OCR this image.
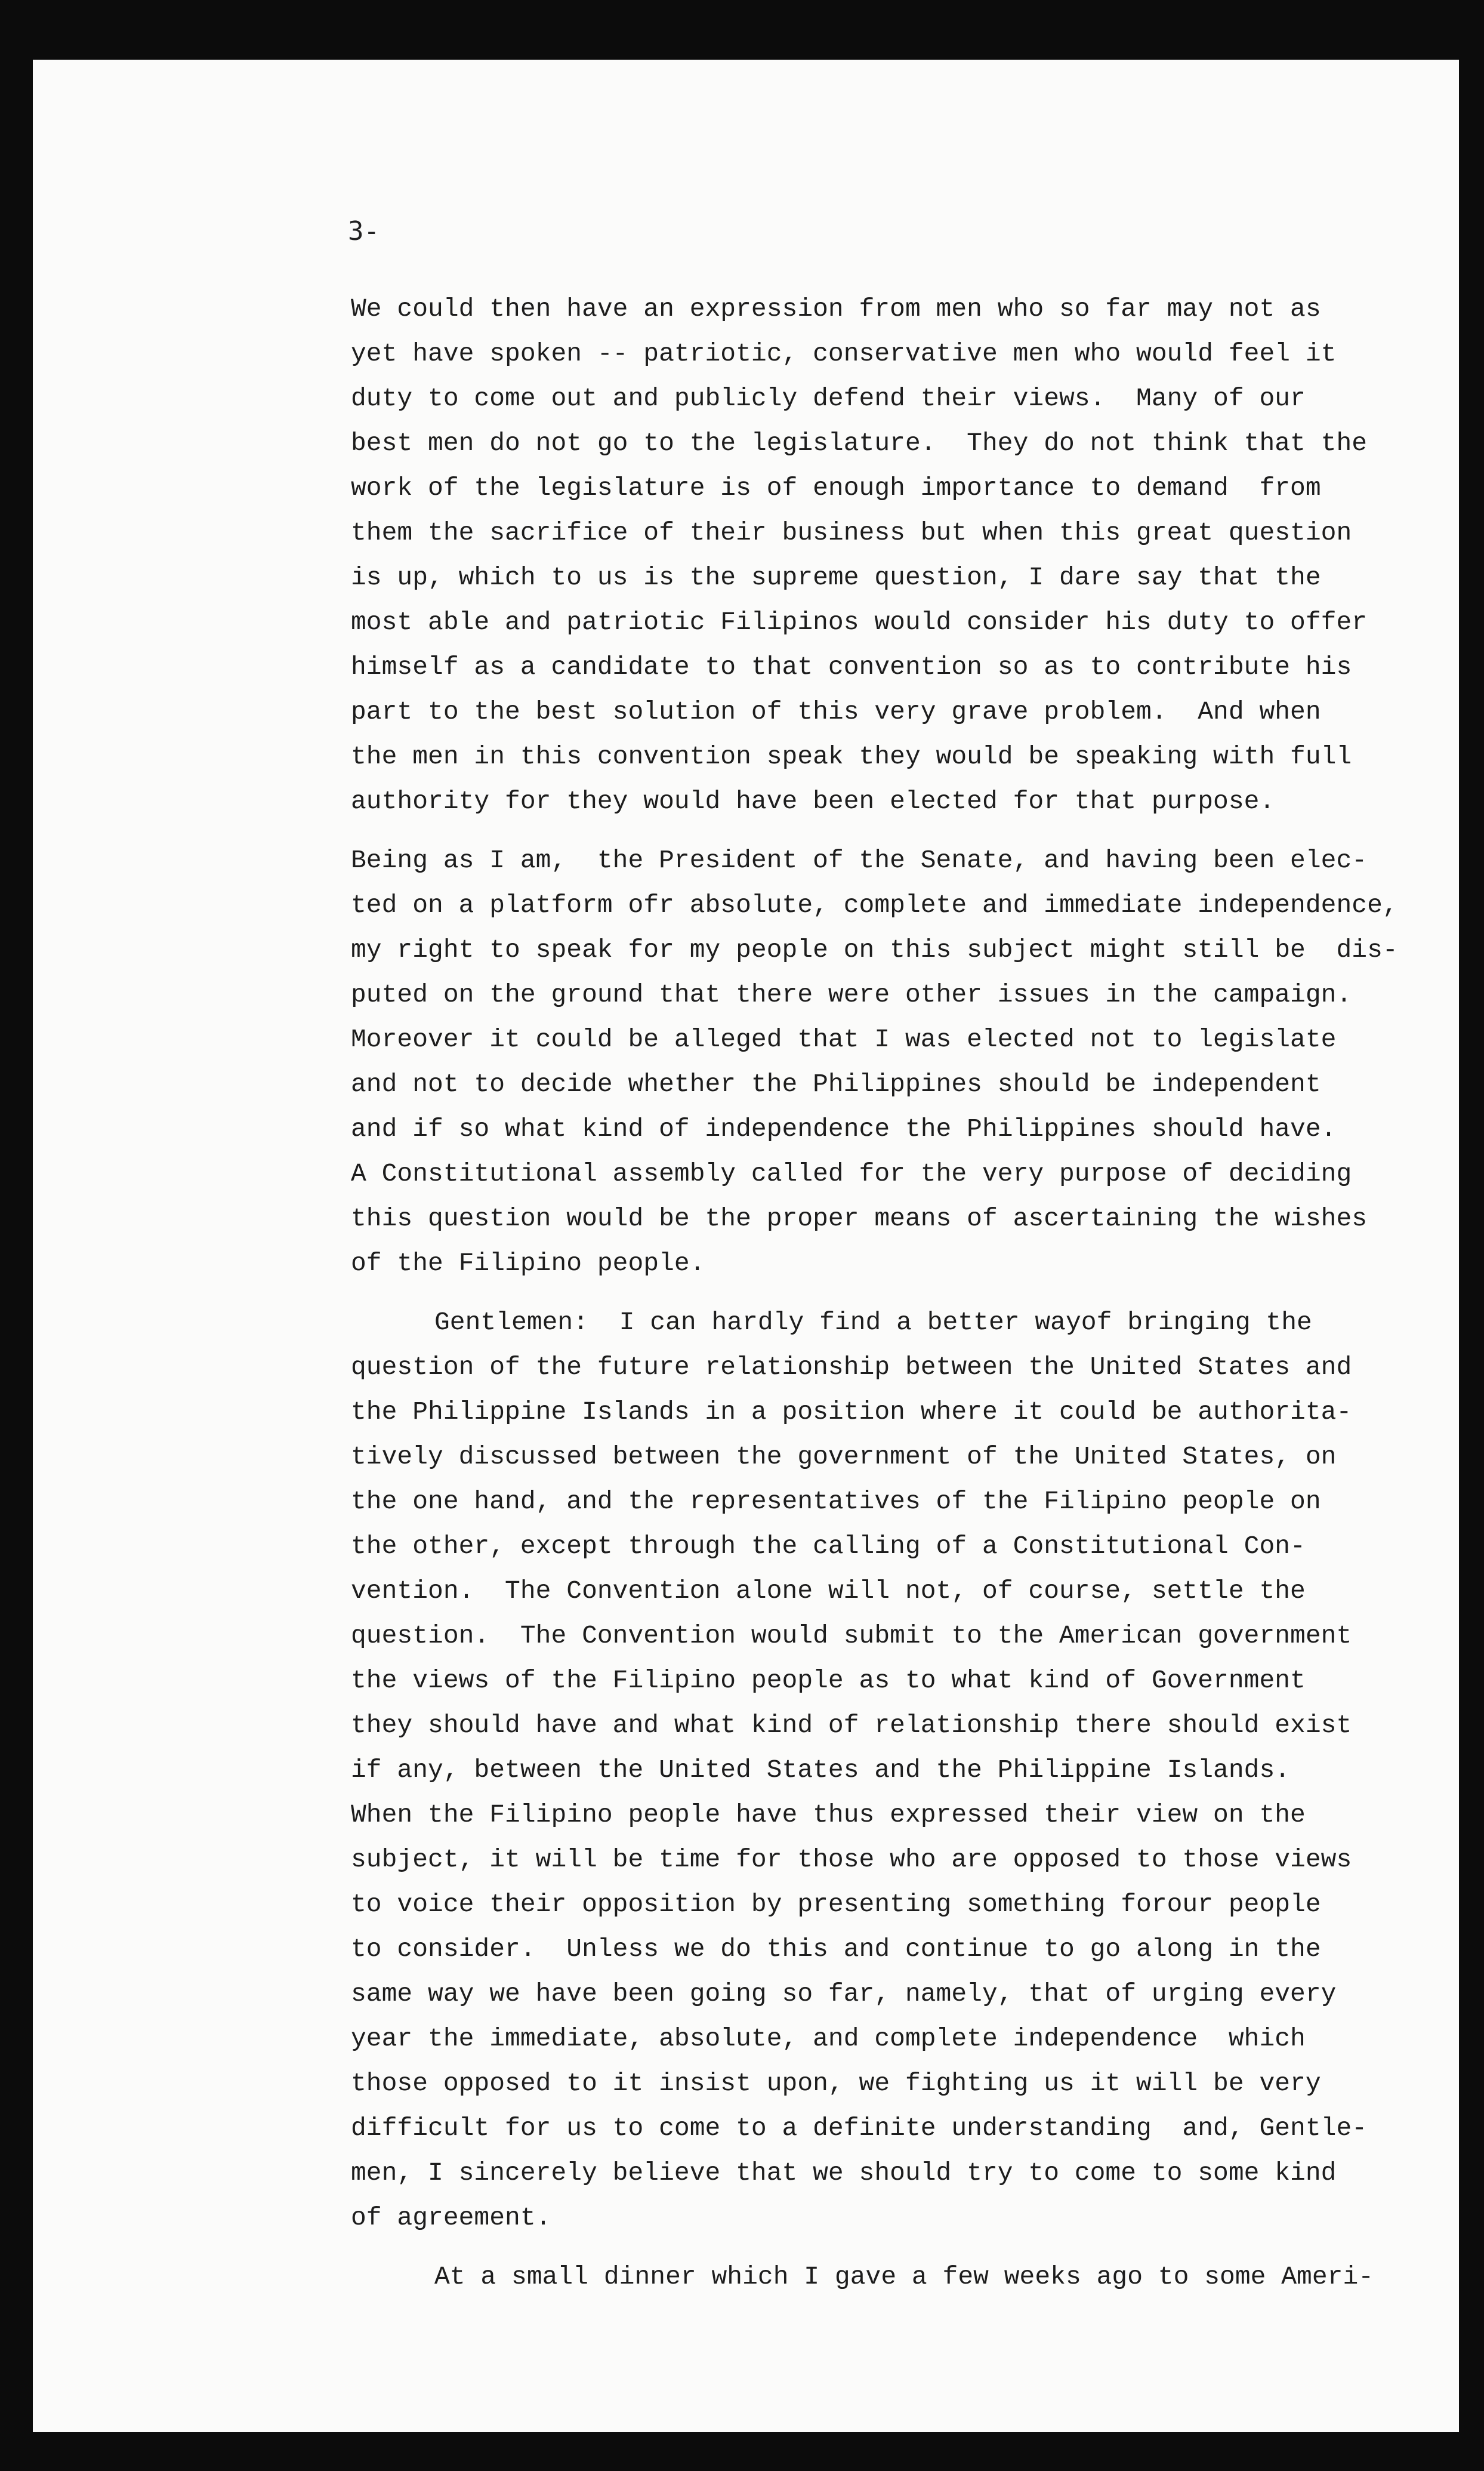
3-
We could then have an expression from men who so far may not as
yet have spoken -- patriotic, conservative men who would feel it
duty to come out and publicly defend their views.  Many of our
best men do not go to the legislature.  They do not think that the
work of the legislature is of enough importance to demand  from
them the sacrifice of their business but when this great question
is up, which to us is the supreme question, I dare say that the
most able and patriotic Filipinos would consider his duty to offer
himself as a candidate to that convention so as to contribute his
part to the best solution of this very grave problem.  And when
the men in this convention speak they would be speaking with full
authority for they would have been elected for that purpose.
Being as I am,  the President of the Senate, and having been elec-
ted on a platform ofr absolute, complete and immediate independence,
my right to speak for my people on this subject might still be  dis-
puted on the ground that there were other issues in the campaign.
Moreover it could be alleged that I was elected not to legislate
and not to decide whether the Philippines should be independent
and if so what kind of independence the Philippines should have.
A Constitutional assembly called for the very purpose of deciding
this question would be the proper means of ascertaining the wishes
of the Filipino people.
Gentlemen:  I can hardly find a better wayof bringing the
question of the future relationship between the United States and
the Philippine Islands in a position where it could be authorita-
tively discussed between the government of the United States, on
the one hand, and the representatives of the Filipino people on
the other, except through the calling of a Constitutional Con-
vention.  The Convention alone will not, of course, settle the
question.  The Convention would submit to the American government
the views of the Filipino people as to what kind of Government
they should have and what kind of relationship there should exist
if any, between the United States and the Philippine Islands.
When the Filipino people have thus expressed their view on the
subject, it will be time for those who are opposed to those views
to voice their opposition by presenting something forour people
to consider.  Unless we do this and continue to go along in the
same way we have been going so far, namely, that of urging every
year the immediate, absolute, and complete independence  which
those opposed to it insist upon, we fighting us it will be very
difficult for us to come to a definite understanding  and, Gentle-
men, I sincerely believe that we should try to come to some kind
of agreement.
At a small dinner which I gave a few weeks ago to some Ameri-
